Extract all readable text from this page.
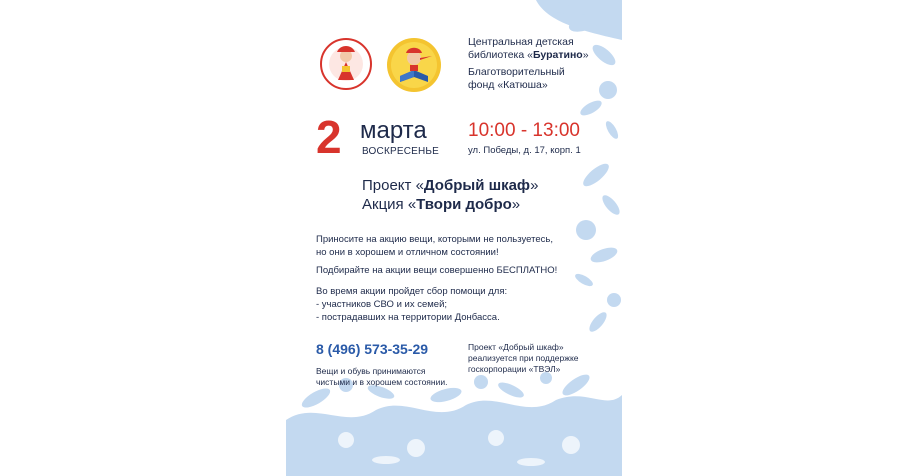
Центральная детская
библиотека «Буратино»
Благотворительный
фонд «Катюша»
2 марта
ВОСКРЕСЕНЬЕ
10:00 - 13:00
ул. Победы, д. 17, корп. 1
Проект «Добрый шкаф»
Акция «Твори добро»
Приносите на акцию вещи, которыми не пользуетесь,
но они в хорошем и отличном состоянии!
Подбирайте на акции вещи совершенно БЕСПЛАТНО!
Во время акции пройдет сбор помощи для:
- участников СВО и их семей;
- пострадавших на территории Донбасса.
8 (496) 573-35-29
Вещи и обувь принимаются
чистыми и в хорошем состоянии.
Проект «Добрый шкаф»
реализуется при поддержке
госкорпорации «ТВЭЛ»
